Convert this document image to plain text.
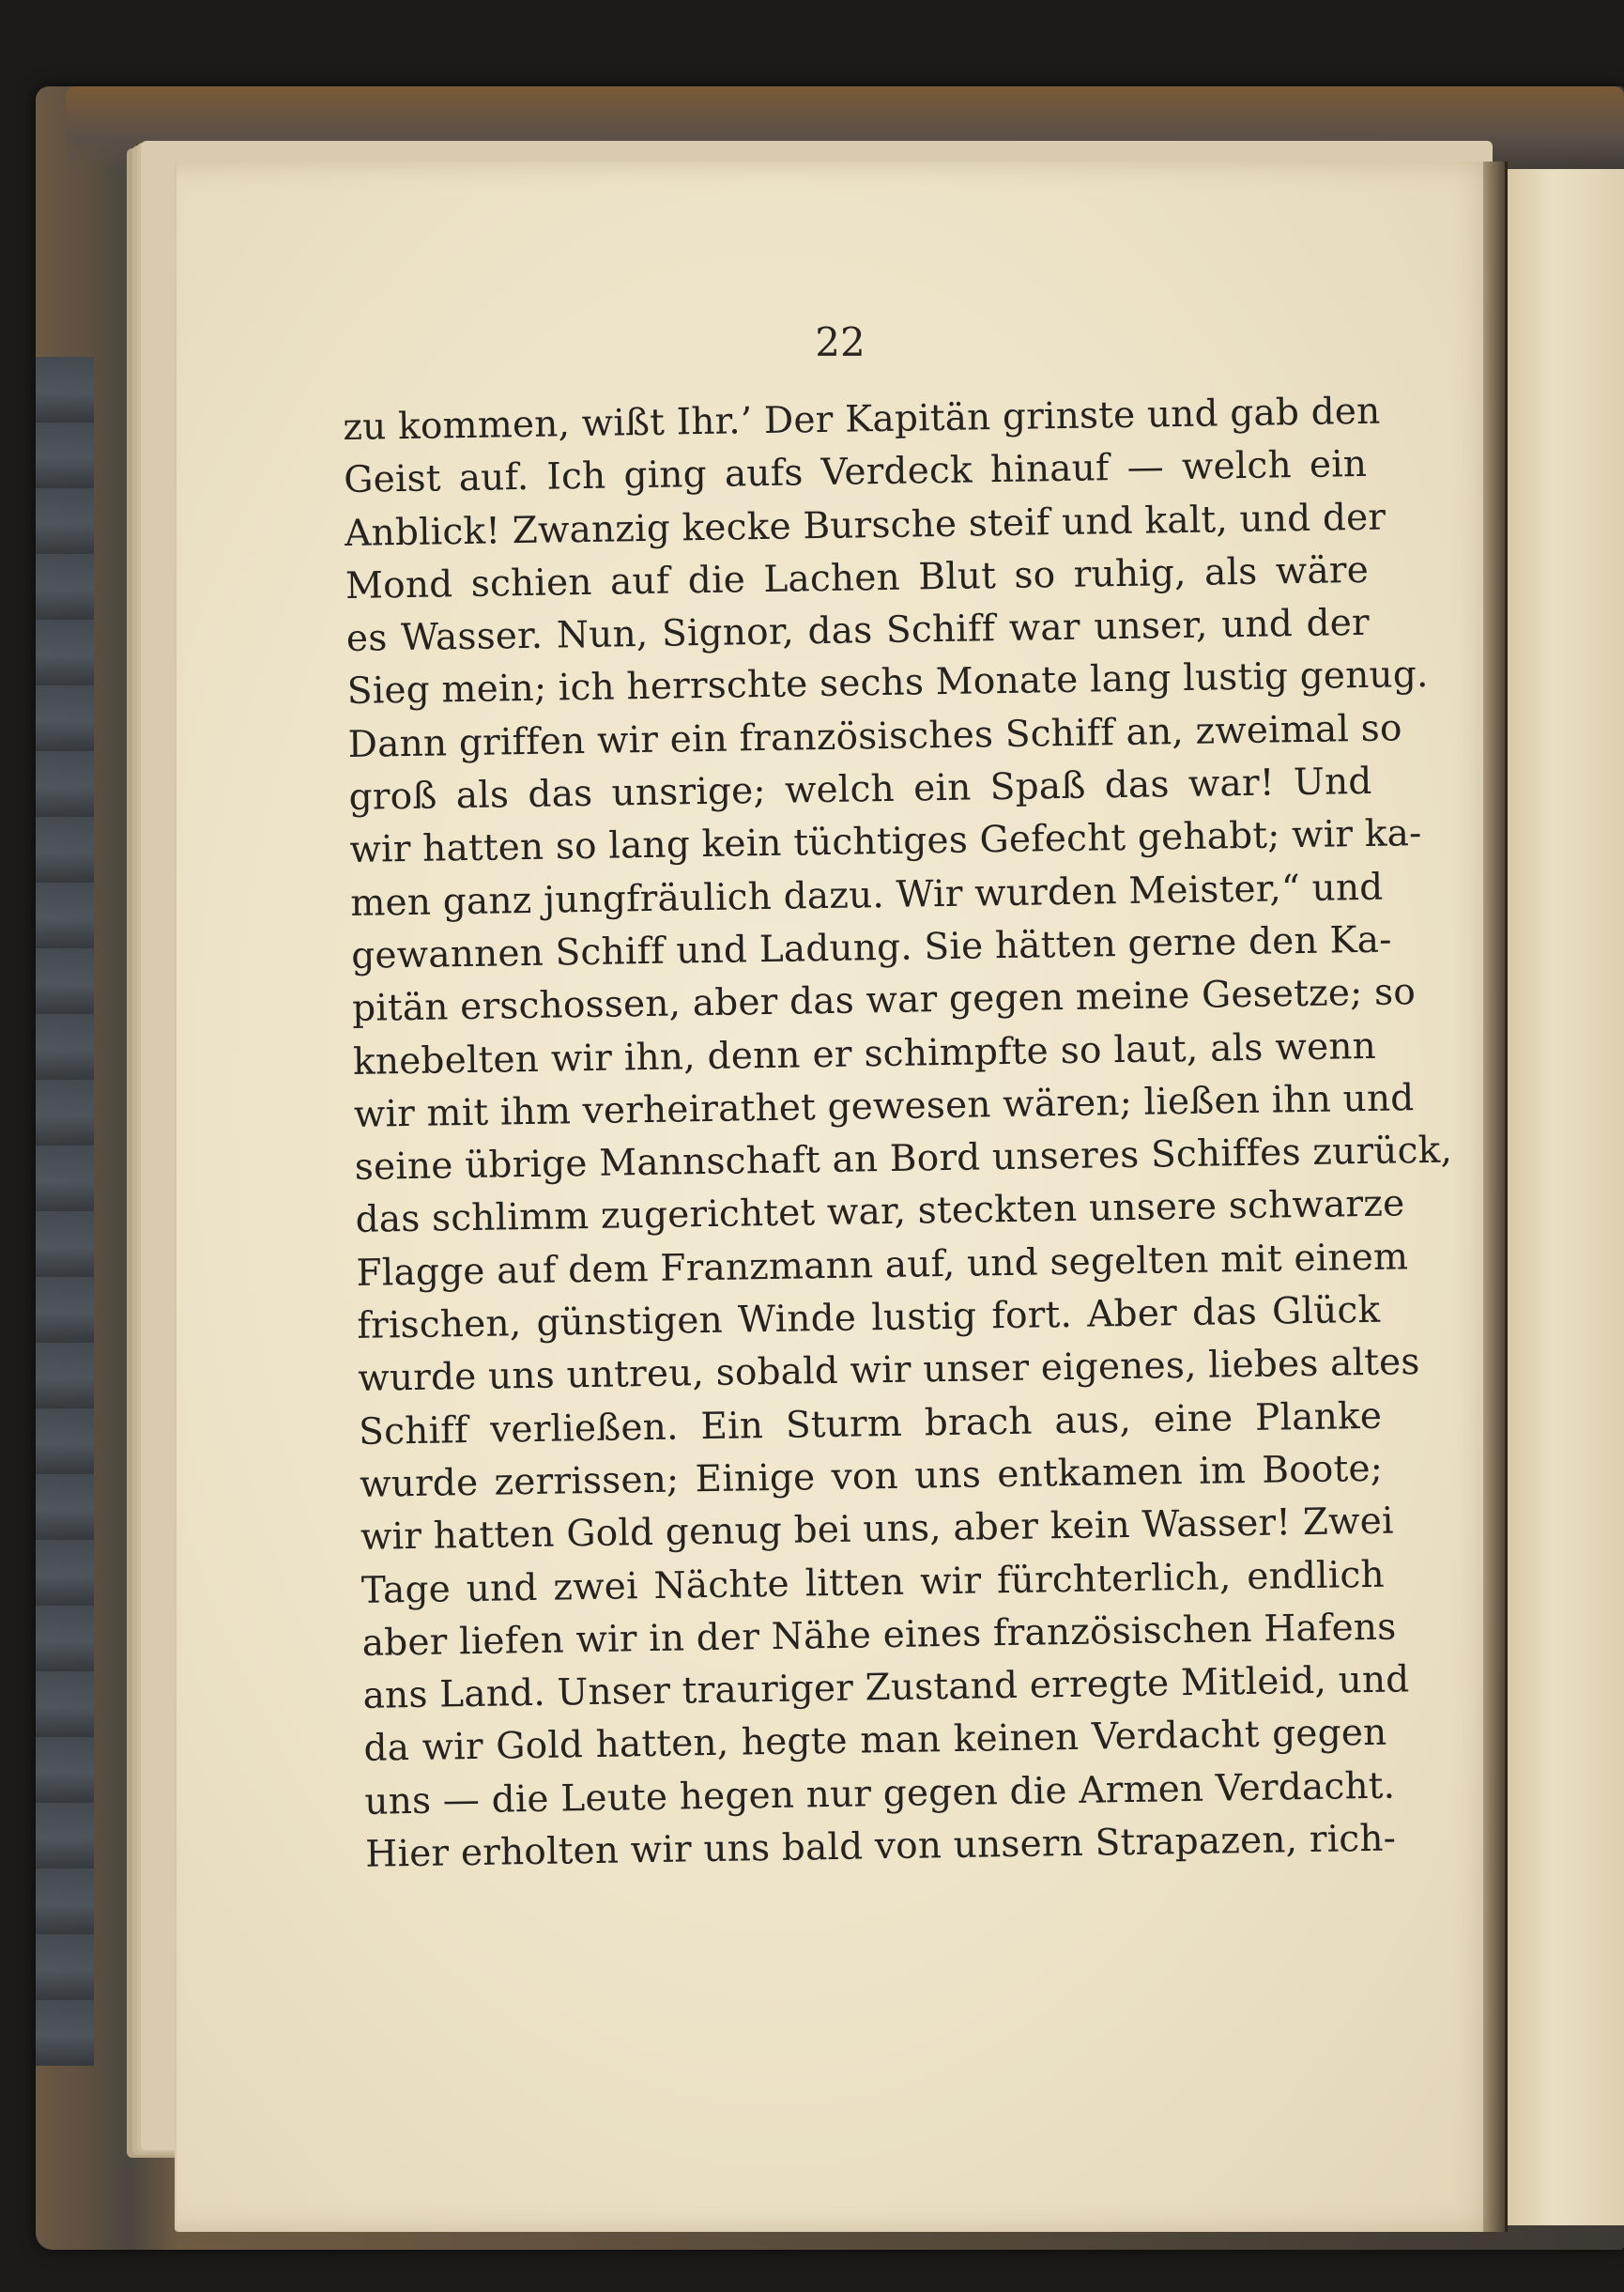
22
zu kommen, wißt Ihr.’ Der Kapitän grinste und gab den
Geist auf. Ich ging aufs Verdeck hinauf — welch ein
Anblick! Zwanzig kecke Bursche steif und kalt, und der
Mond schien auf die Lachen Blut so ruhig, als wäre
es Wasser. Nun, Signor, das Schiff war unser, und der
Sieg mein; ich herrschte sechs Monate lang lustig genug.
Dann griffen wir ein französisches Schiff an, zweimal so
groß als das unsrige; welch ein Spaß das war! Und
wir hatten so lang kein tüchtiges Gefecht gehabt; wir ka-
men ganz jungfräulich dazu. Wir wurden Meister,“ und
gewannen Schiff und Ladung. Sie hätten gerne den Ka-
pitän erschossen, aber das war gegen meine Gesetze; so
knebelten wir ihn, denn er schimpfte so laut, als wenn
wir mit ihm verheirathet gewesen wären; ließen ihn und
seine übrige Mannschaft an Bord unseres Schiffes zurück,
das schlimm zugerichtet war, steckten unsere schwarze
Flagge auf dem Franzmann auf, und segelten mit einem
frischen, günstigen Winde lustig fort. Aber das Glück
wurde uns untreu, sobald wir unser eigenes, liebes altes
Schiff verließen. Ein Sturm brach aus, eine Planke
wurde zerrissen; Einige von uns entkamen im Boote;
wir hatten Gold genug bei uns, aber kein Wasser! Zwei
Tage und zwei Nächte litten wir fürchterlich, endlich
aber liefen wir in der Nähe eines französischen Hafens
ans Land. Unser trauriger Zustand erregte Mitleid, und
da wir Gold hatten, hegte man keinen Verdacht gegen
uns — die Leute hegen nur gegen die Armen Verdacht.
Hier erholten wir uns bald von unsern Strapazen, rich-
